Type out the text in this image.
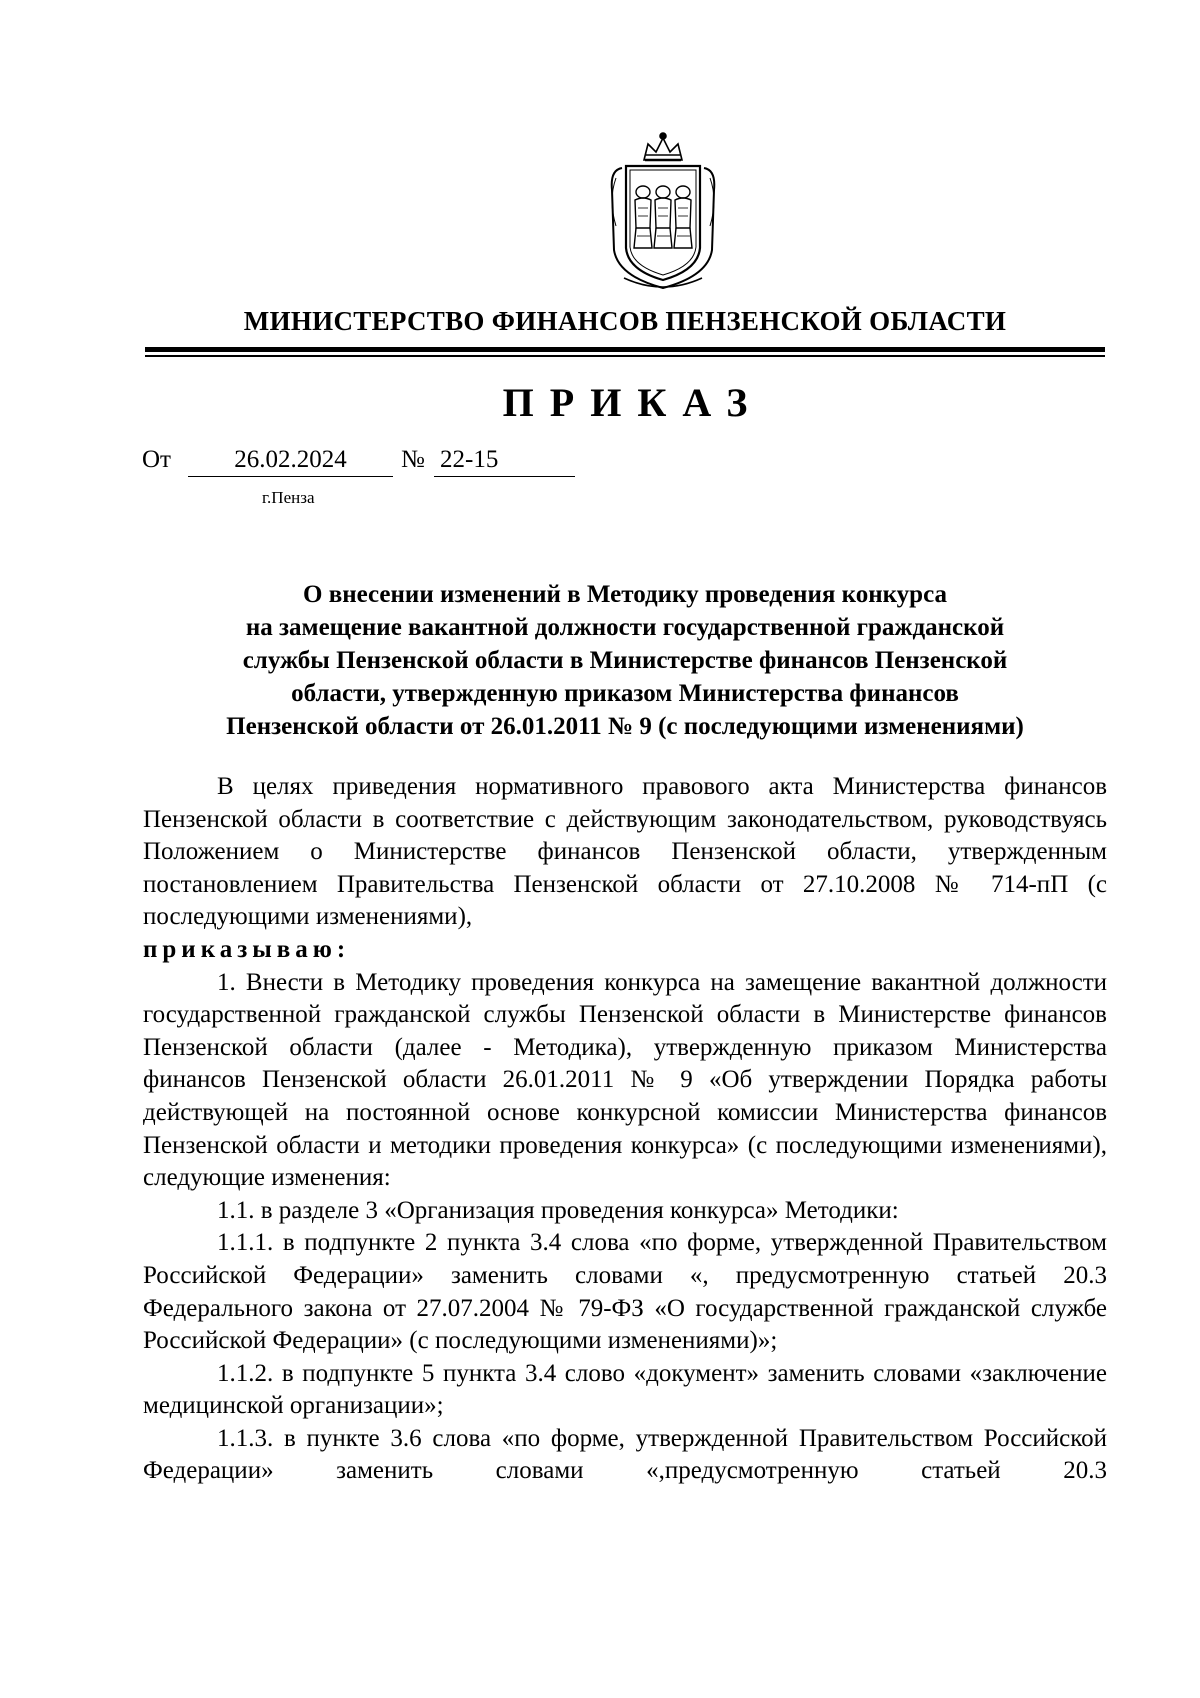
МИНИСТЕРСТВО ФИНАНСОВ ПЕНЗЕНСКОЙ ОБЛАСТИ
ПРИКАЗ
От	26.02.2024	№ 22-15
г.Пенза
О внесении изменений в Методику проведения конкурса
на замещение вакантной должности государственной гражданской
службы Пензенской области в Министерстве финансов Пензенской
области, утвержденную приказом Министерства финансов
Пензенской области от 26.01.2011 № 9 (с последующими изменениями)

В целях приведения нормативного правового акта Министерства финансов Пензенской области в соответствие с действующим законодательством, руководствуясь Положением о Министерстве финансов Пензенской области, утвержденным постановлением Правительства Пензенской области от 27.10.2008 № 714-пП (с последующими изменениями),

приказываю:

1. Внести в Методику проведения конкурса на замещение вакантной должности государственной гражданской службы Пензенской области в Министерстве финансов Пензенской области (далее - Методика), утвержденную приказом Министерства финансов Пензенской области 26.01.2011 № 9 «Об утверждении Порядка работы действующей на постоянной основе конкурсной комиссии Министерства финансов Пензенской области и методики проведения конкурса» (с последующими изменениями), следующие изменения:

1.1. в разделе 3 «Организация проведения конкурса» Методики:

1.1.1. в подпункте 2 пункта 3.4 слова «по форме, утвержденной Правительством Российской Федерации» заменить словами «, предусмотренную статьей 20.3 Федерального закона от 27.07.2004 № 79-ФЗ «О государственной гражданской службе Российской Федерации» (с последующими изменениями)»;

1.1.2. в подпункте 5 пункта 3.4 слово «документ» заменить словами «заключение медицинской организации»;

1.1.3. в пункте 3.6 слова «по форме, утвержденной Правительством Российской Федерации» заменить словами «,предусмотренную статьей 20.3
